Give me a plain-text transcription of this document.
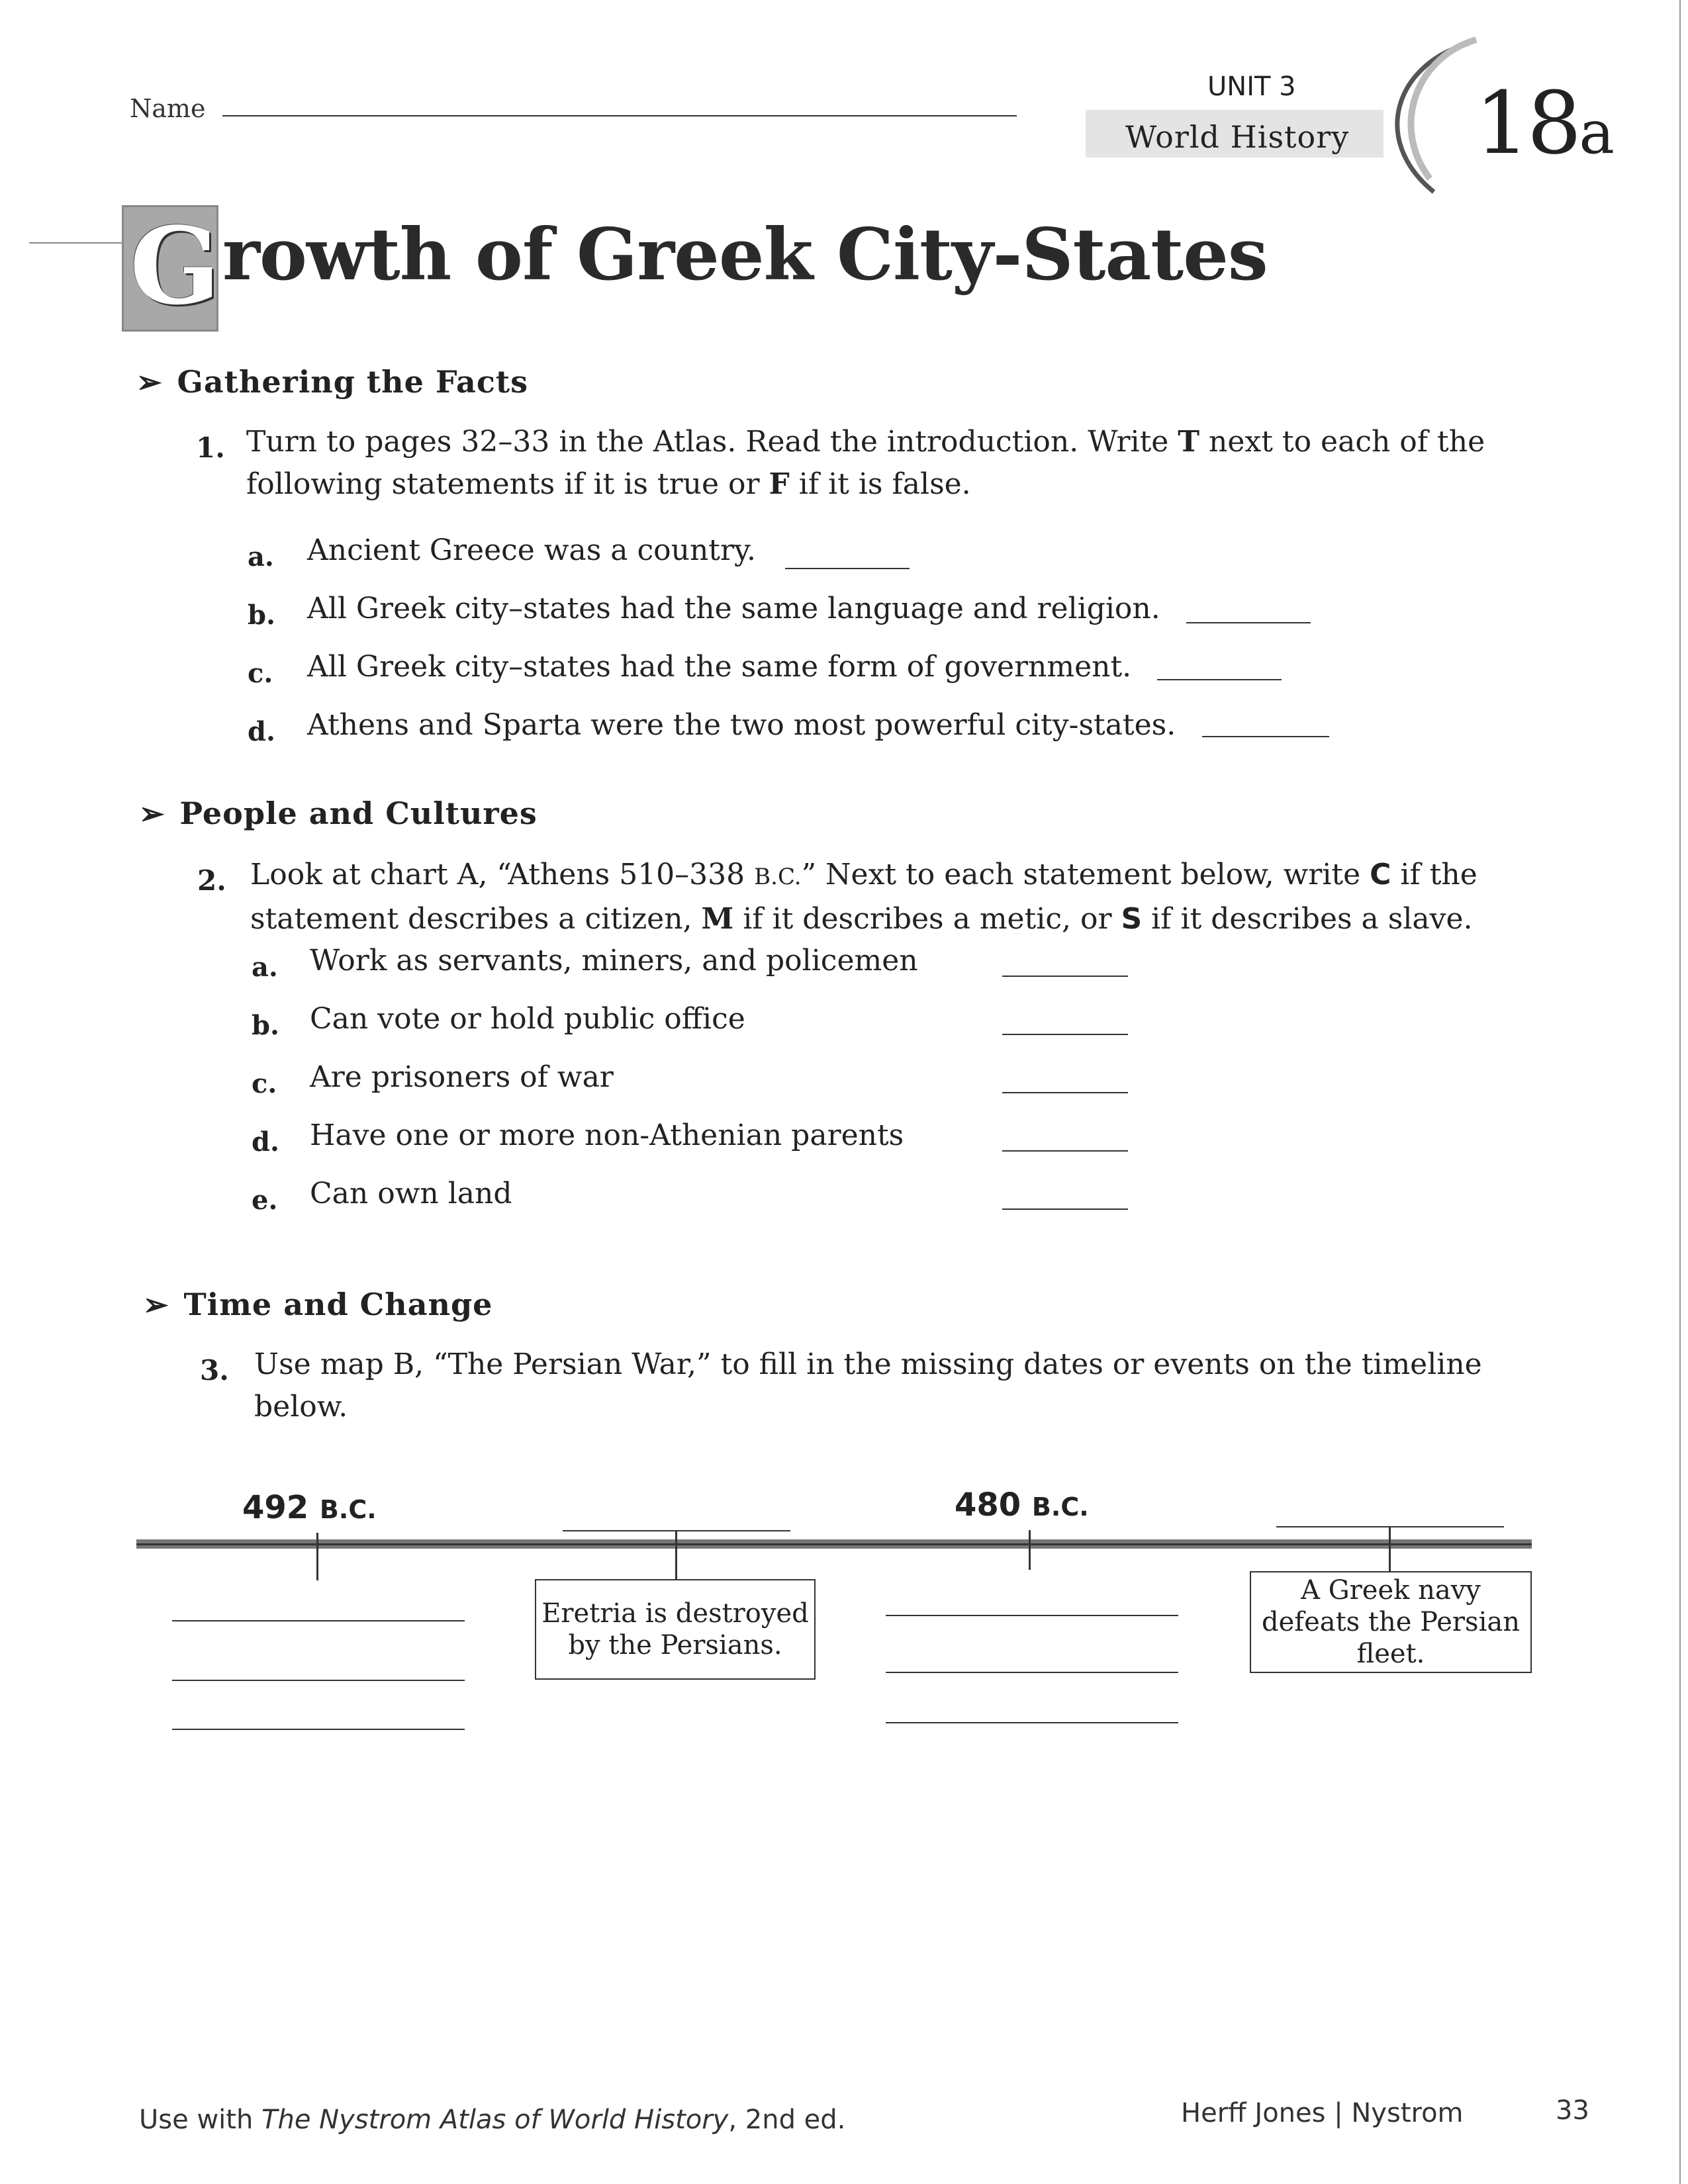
Name
UNIT 3
World History 18a
G rowth of Greek City-States
➢ Gathering the Facts
1. Turn to pages 32–33 in the Atlas. Read the introduction. Write T next to each of the following statements if it is true or F if it is false.
a. Ancient Greece was a country.
b. All Greek city–states had the same language and religion.
c. All Greek city–states had the same form of government.
d. Athens and Sparta were the two most powerful city-states.
➢ People and Cultures
2. Look at chart A, “Athens 510–338 B.C.” Next to each statement below, write C if the statement describes a citizen, M if it describes a metic, or S if it describes a slave.
a. Work as servants, miners, and policemen
b. Can vote or hold public office
c. Are prisoners of war
d. Have one or more non-Athenian parents
e. Can own land
➢ Time and Change
3. Use map B, “The Persian War,” to fill in the missing dates or events on the timeline below.
492 B.C.	480 B.C.
Eretria is destroyed
by the Persians.
A Greek navy
defeats the Persian
fleet.
Use with The Nystrom Atlas of World History, 2nd ed.	Herff Jones | Nystrom	33
